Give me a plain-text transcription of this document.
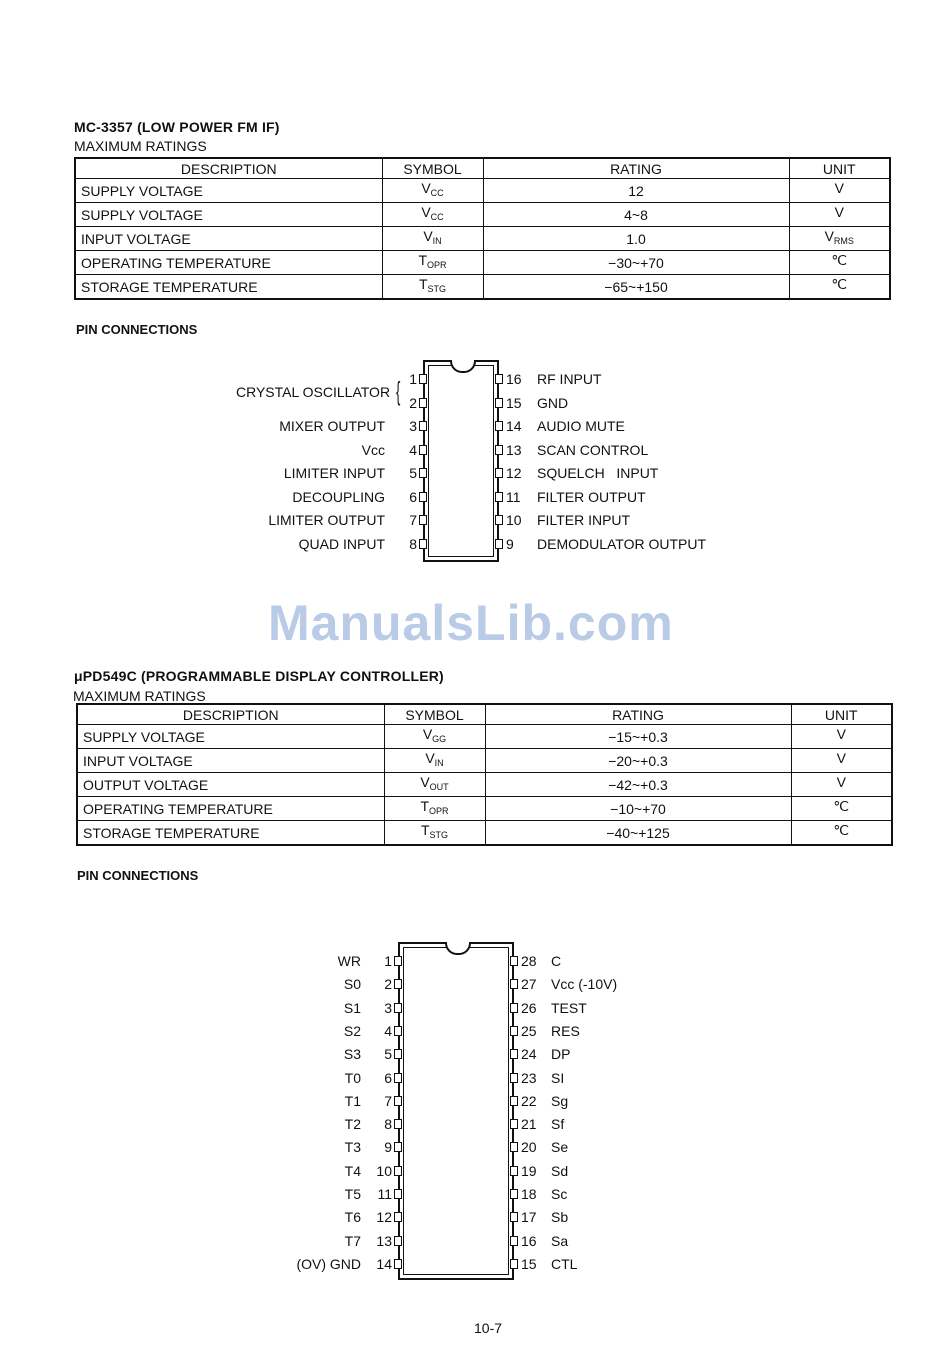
MC-3357 (LOW POWER FM IF)
MAXIMUM RATINGS
DESCRIPTION	SYMBOL	RATING	UNIT
SUPPLY VOLTAGE	$V_{CC}$	12	V
SUPPLY VOLTAGE	$V_{CC}$	4~8	V
INPUT VOLTAGE	$V_{IN}$	1.0	$V_{RMS}$
OPERATING TEMPERATURE	$T_{OPR}$	−30~+70	℃
STORAGE TEMPERATURE	$T_{STG}$	−65~+150	℃
PIN CONNECTIONS
CRYSTAL OSCILLATOR {
ManualsLib.com
μPD549C (PROGRAMMABLE DISPLAY CONTROLLER)
MAXIMUM RATINGS
DESCRIPTION	SYMBOL	RATING	UNIT
SUPPLY VOLTAGE	$V_{GG}$	−15~+0.3	V
INPUT VOLTAGE	$V_{IN}$	−20~+0.3	V
OUTPUT VOLTAGE	$V_{OUT}$	−42~+0.3	V
OPERATING TEMPERATURE	$T_{OPR}$	−10~+70	℃
STORAGE TEMPERATURE	$T_{STG}$	−40~+125	℃
PIN CONNECTIONS
10-7
1
2
3
MIXER OUTPUT
4
Vcc
5
LIMITER INPUT
6
DECOUPLING
7
LIMITER OUTPUT
8
QUAD INPUT
16 RF INPUT
15 GND
14 AUDIO MUTE
13 SCAN CONTROL
12 SQUELCH   INPUT
11 FILTER OUTPUT
10 FILTER INPUT
9 DEMODULATOR OUTPUT
1
WR
2
S0
3
S1
4
S2
5
S3
6
T0
7
T1
8
T2
9
T3
10
T4
11
T5
12
T6
13
T7
14
(OV) GND
28 C
27 Vcc (-10V)
26 TEST
25 RES
24 DP
23 SI
22 Sg
21 Sf
20 Se
19 Sd
18 Sc
17 Sb
16 Sa
15 CTL
